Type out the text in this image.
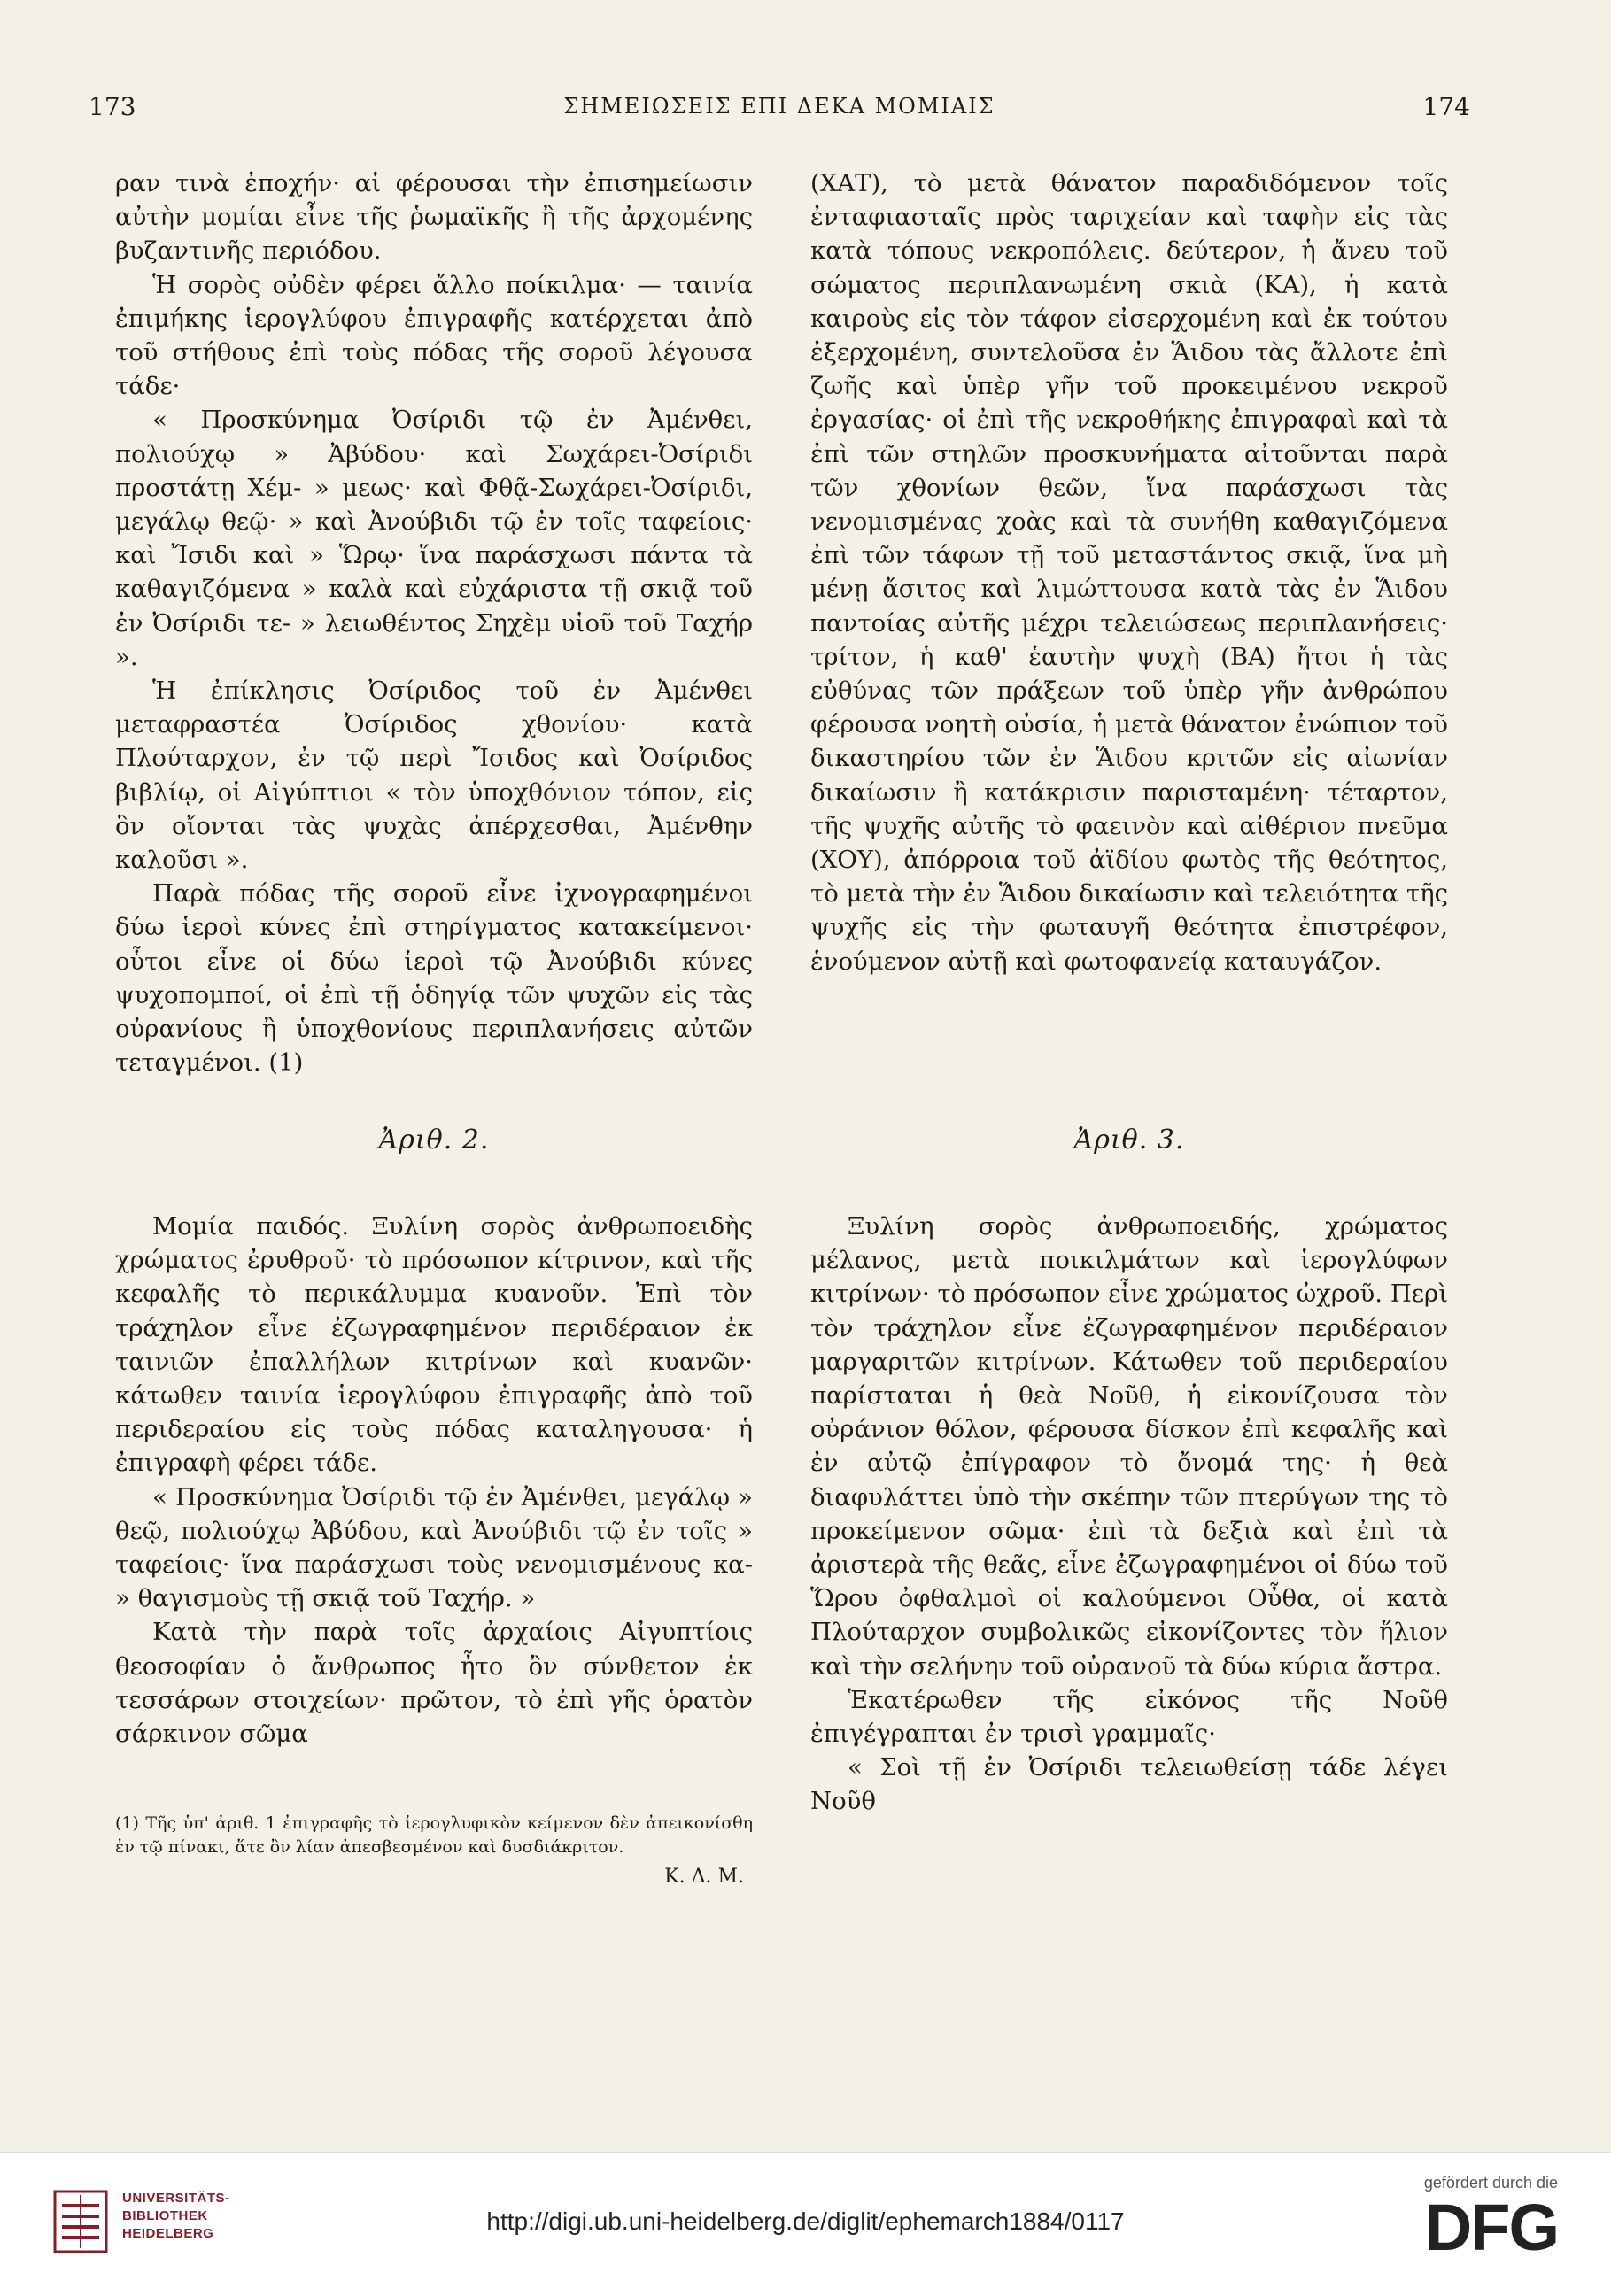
173	ΣΗΜΕΙΩΣΕΙΣ ΕΠΙ ΔΕΚΑ ΜΟΜΙΑΙΣ	174

ραν τινὰ ἐποχήν· αἱ φέρουσαι τὴν ἐπισημείωσιν αὐτὴν μομίαι εἶνε τῆς ῥωμαϊκῆς ἢ τῆς ἀρχομένης βυζαντινῆς περιόδου.

Ἡ σορὸς οὐδὲν φέρει ἄλλο ποίκιλμα· — ταινία ἐπιμήκης ἱερογλύφου ἐπιγραφῆς κατέρχεται ἀπὸ τοῦ στήθους ἐπὶ τοὺς πόδας τῆς σοροῦ λέγουσα τάδε·

« Προσκύνημα Ὀσίριδι τῷ ἐν Ἀμένθει, πολιούχῳ » Ἀβύδου· καὶ Σωχάρει-Ὀσίριδι προστάτῃ Χέμ- » μεως· καὶ Φθᾷ-Σωχάρει-Ὀσίριδι, μεγάλῳ θεῷ· » καὶ Ἀνούβιδι τῷ ἐν τοῖς ταφείοις· καὶ Ἴσιδι καὶ » Ὥρῳ· ἵνα παράσχωσι πάντα τὰ καθαγιζόμενα » καλὰ καὶ εὐχάριστα τῇ σκιᾷ τοῦ ἐν Ὀσίριδι τε- » λειωθέντος Σηχὲμ υἱοῦ τοῦ Ταχήρ ».

Ἡ ἐπίκλησις Ὀσίριδος τοῦ ἐν Ἀμένθει μεταφραστέα Ὀσίριδος χθονίου· κατὰ Πλούταρχον, ἐν τῷ περὶ Ἴσιδος καὶ Ὀσίριδος βιβλίῳ, οἱ Αἰγύπτιοι « τὸν ὑποχθόνιον τόπον, εἰς ὃν οἴονται τὰς ψυχὰς ἀπέρχεσθαι, Ἀμένθην καλοῦσι ».

Παρὰ πόδας τῆς σοροῦ εἶνε ἰχνογραφημένοι δύω ἱεροὶ κύνες ἐπὶ στηρίγματος κατακείμενοι· οὗτοι εἶνε οἱ δύω ἱεροὶ τῷ Ἀνούβιδι κύνες ψυχοπομποί, οἱ ἐπὶ τῇ ὁδηγίᾳ τῶν ψυχῶν εἰς τὰς οὐρανίους ἢ ὑποχθονίους περιπλανήσεις αὐτῶν τεταγμένοι. (1)

(ΧΑΤ), τὸ μετὰ θάνατον παραδιδόμενον τοῖς ἐνταφιασταῖς πρὸς ταριχείαν καὶ ταφὴν εἰς τὰς κατὰ τόπους νεκροπόλεις. δεύτερον, ἡ ἄνευ τοῦ σώματος περιπλανωμένη σκιὰ (ΚΑ), ἡ κατὰ καιροὺς εἰς τὸν τάφον εἰσερχομένη καὶ ἐκ τούτου ἐξερχομένη, συντελοῦσα ἐν Ἅιδου τὰς ἄλλοτε ἐπὶ ζωῆς καὶ ὑπὲρ γῆν τοῦ προκειμένου νεκροῦ ἐργασίας· οἱ ἐπὶ τῆς νεκροθήκης ἐπιγραφαὶ καὶ τὰ ἐπὶ τῶν στηλῶν προσκυνήματα αἰτοῦνται παρὰ τῶν χθονίων θεῶν, ἵνα παράσχωσι τὰς νενομισμένας χοὰς καὶ τὰ συνήθη καθαγιζόμενα ἐπὶ τῶν τάφων τῇ τοῦ μεταστάντος σκιᾷ, ἵνα μὴ μένῃ ἄσιτος καὶ λιμώττουσα κατὰ τὰς ἐν Ἅιδου παντοίας αὐτῆς μέχρι τελειώσεως περιπλανήσεις· τρίτον, ἡ καθ' ἑαυτὴν ψυχὴ (ΒΑ) ἤτοι ἡ τὰς εὐθύνας τῶν πράξεων τοῦ ὑπὲρ γῆν ἀνθρώπου φέρουσα νοητὴ οὐσία, ἡ μετὰ θάνατον ἐνώπιον τοῦ δικαστηρίου τῶν ἐν Ἅιδου κριτῶν εἰς αἰωνίαν δικαίωσιν ἢ κατάκρισιν παρισταμένη· τέταρτον, τῆς ψυχῆς αὐτῆς τὸ φαεινὸν καὶ αἰθέριον πνεῦμα (ΧΟΥ), ἀπόρροια τοῦ ἀϊδίου φωτὸς τῆς θεότητος, τὸ μετὰ τὴν ἐν Ἅιδου δικαίωσιν καὶ τελειότητα τῆς ψυχῆς εἰς τὴν φωταυγῆ θεότητα ἐπιστρέφον, ἑνούμενον αὐτῇ καὶ φωτοφανείᾳ καταυγάζον.

Ἀριθ. 2.	Ἀριθ. 3.

Μομία παιδός. Ξυλίνη σορὸς ἀνθρωποειδὴς χρώματος ἐρυθροῦ· τὸ πρόσωπον κίτρινον, καὶ τῆς κεφαλῆς τὸ περικάλυμμα κυανοῦν. Ἐπὶ τὸν τράχηλον εἶνε ἐζωγραφημένον περιδέραιον ἐκ ταινιῶν ἐπαλλήλων κιτρίνων καὶ κυανῶν· κάτωθεν ταινία ἱερογλύφου ἐπιγραφῆς ἀπὸ τοῦ περιδεραίου εἰς τοὺς πόδας καταληγουσα· ἡ ἐπιγραφὴ φέρει τάδε.

« Προσκύνημα Ὀσίριδι τῷ ἐν Ἀμένθει, μεγάλῳ » θεῷ, πολιούχῳ Ἀβύδου, καὶ Ἀνούβιδι τῷ ἐν τοῖς » ταφείοις· ἵνα παράσχωσι τοὺς νενομισμένους κα- » θαγισμοὺς τῇ σκιᾷ τοῦ Ταχήρ. »

Κατὰ τὴν παρὰ τοῖς ἀρχαίοις Αἰγυπτίοις θεοσοφίαν ὁ ἄνθρωπος ἦτο ὂν σύνθετον ἐκ τεσσάρων στοιχείων· πρῶτον, τὸ ἐπὶ γῆς ὁρατὸν σάρκινον σῶμα

Ξυλίνη σορὸς ἀνθρωποειδής, χρώματος μέλανος, μετὰ ποικιλμάτων καὶ ἱερογλύφων κιτρίνων· τὸ πρόσωπον εἶνε χρώματος ὠχροῦ. Περὶ τὸν τράχηλον εἶνε ἐζωγραφημένον περιδέραιον μαργαριτῶν κιτρίνων. Κάτωθεν τοῦ περιδεραίου παρίσταται ἡ θεὰ Νοῦθ, ἡ εἰκονίζουσα τὸν οὐράνιον θόλον, φέρουσα δίσκον ἐπὶ κεφαλῆς καὶ ἐν αὐτῷ ἐπίγραφον τὸ ὄνομά της· ἡ θεὰ διαφυλάττει ὑπὸ τὴν σκέπην τῶν πτερύγων της τὸ προκείμενον σῶμα· ἐπὶ τὰ δεξιὰ καὶ ἐπὶ τὰ ἀριστερὰ τῆς θεᾶς, εἶνε ἐζωγραφημένοι οἱ δύω τοῦ Ὥρου ὀφθαλμοὶ οἱ καλούμενοι Οὖθα, οἱ κατὰ Πλούταρχον συμβολικῶς εἰκονίζοντες τὸν ἥλιον καὶ τὴν σελήνην τοῦ οὐρανοῦ τὰ δύω κύρια ἄστρα.

Ἑκατέρωθεν τῆς εἰκόνος τῆς Νοῦθ ἐπιγέγραπται ἐν τρισὶ γραμμαῖς·

« Σοὶ τῇ ἐν Ὀσίριδι τελειωθείσῃ τάδε λέγει Νοῦθ

(1) Τῆς ὑπ' ἀριθ. 1 ἐπιγραφῆς τὸ ἱερογλυφικὸν κείμενον δὲν ἀπεικονίσθη ἐν τῷ πίνακι, ἅτε ὂν λίαν ἀπεσβεσμένον καὶ δυσδιάκριτον.

Κ. Δ. Μ.

UNIVERSITÄTS-
BIBLIOTHEK
HEIDELBERG	http://digi.ub.uni-heidelberg.de/diglit/ephemarch1884/0117
gefördert durch die
DFG
